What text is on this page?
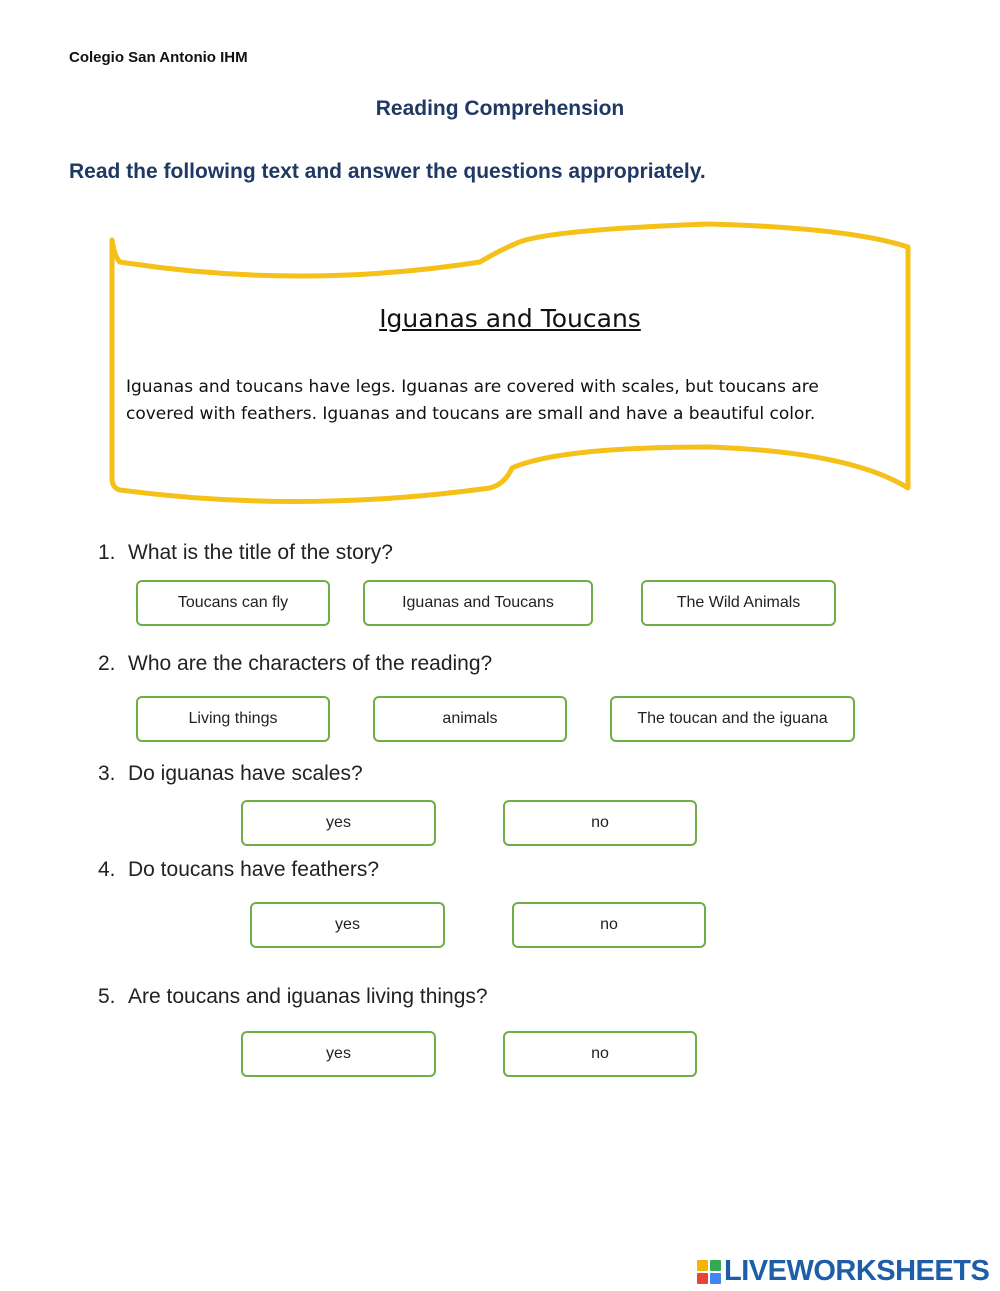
Colegio San Antonio IHM
Reading Comprehension
Read the following text and answer the questions appropriately.
Iguanas and Toucans
Iguanas and toucans have legs. Iguanas are covered with scales, but toucans are covered with feathers. Iguanas and toucans are small and have a beautiful color.
1. What is the title of the story?
Toucans can fly	Iguanas and Toucans	The Wild Animals
2. Who are the characters of the reading?
Living things	animals	The toucan and the iguana
3. Do iguanas have scales?
yes	no
4. Do toucans have feathers?
yes	no
5. Are toucans and iguanas living things?
yes	no
LIVEWORKSHEETS
